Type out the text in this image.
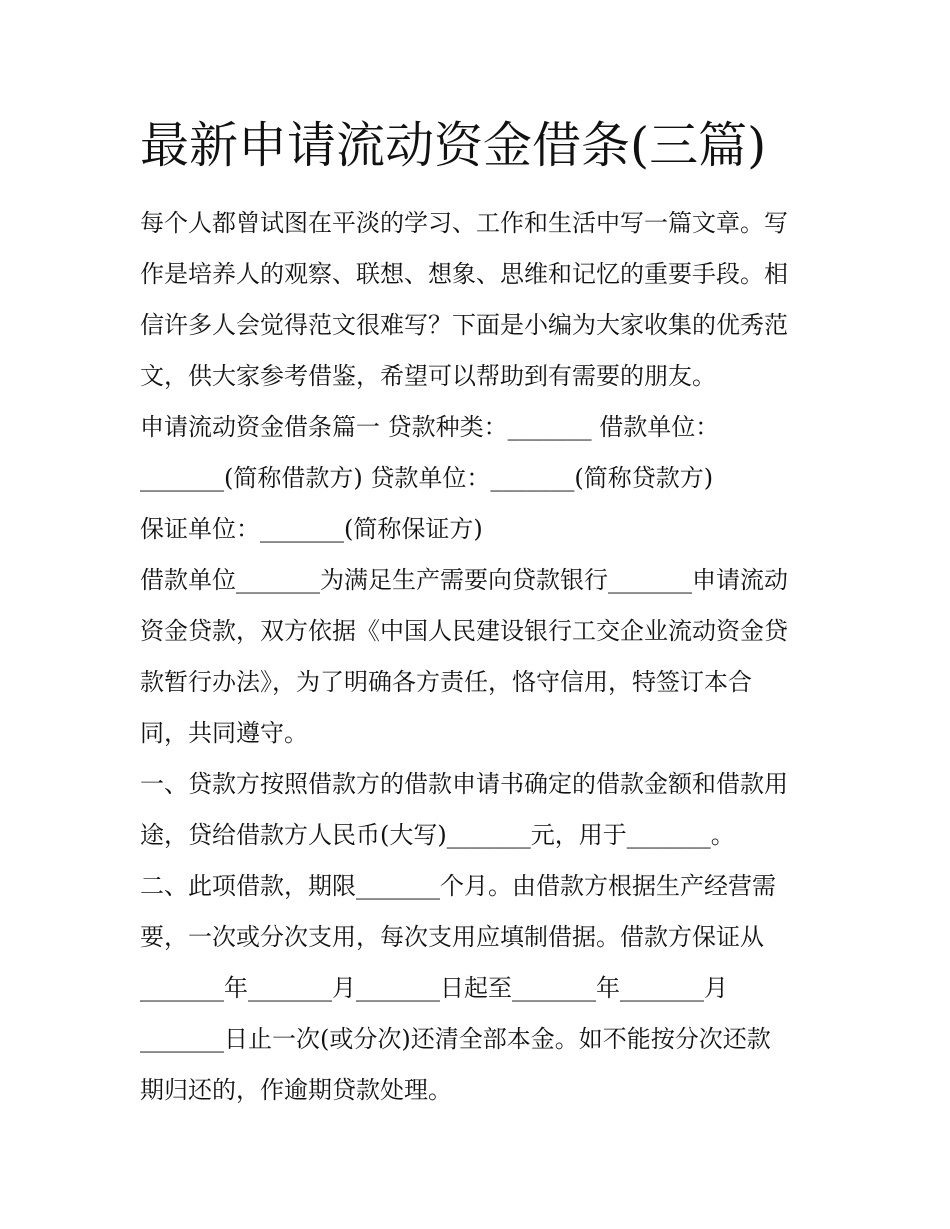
最新申请流动资金借条(三篇)
每个人都曾试图在平淡的学习、工作和生活中写一篇文章。写
作是培养人的观察、联想、想象、思维和记忆的重要手段。相
信许多人会觉得范文很难写？下面是小编为大家收集的优秀范
文，供大家参考借鉴，希望可以帮助到有需要的朋友。
申请流动资金借条篇一 贷款种类：_______ 借款单位：
_______(简称借款方) 贷款单位：_______(简称贷款方)
保证单位：_______(简称保证方)
借款单位_______为满足生产需要向贷款银行_______申请流动
资金贷款，双方依据《中国人民建设银行工交企业流动资金贷
款暂行办法》，为了明确各方责任，恪守信用，特签订本合
同，共同遵守。
一、贷款方按照借款方的借款申请书确定的借款金额和借款用
途，贷给借款方人民币(大写)_______元，用于_______。
二、此项借款，期限_______个月。由借款方根据生产经营需
要，一次或分次支用，每次支用应填制借据。借款方保证从
_______年_______月_______日起至_______年_______月
_______日止一次(或分次)还清全部本金。如不能按分次还款
期归还的，作逾期贷款处理。
